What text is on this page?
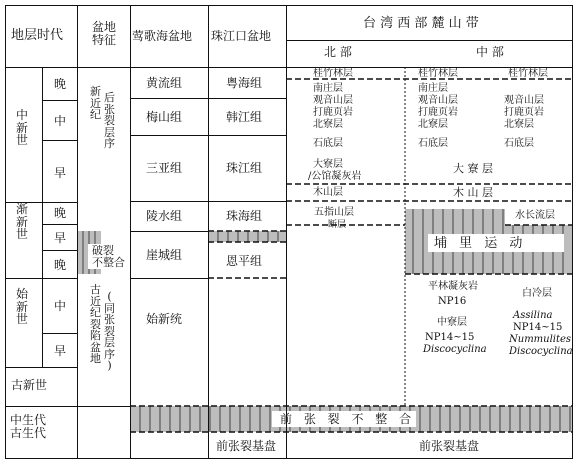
地层时代
盆地
特征 莺歌海盆地 珠江口盆地
台 湾 西 部 麓 山 带
北 部	中 部
中
新
世
渐
新
世
始
新
世
古新世
中生代
古生代
晚
中
早
晚
早
晚
中
早
新
近
纪
后
张
裂
层
序
古
近
纪
裂
陷
盆
地
(
同
张
裂
层
序
)
破裂
不整合
黄流组
梅山组
三亚组
陵水组
崖城组
始新统
粤海组
韩江组
珠江组
珠海组
恩平组
前张裂基盘
桂竹林层
南庄层
观音山层
打鹿页岩
北寮层
石底层
大寮层
/公馆凝灰岩
木山层
五指山层
断层
桂竹林层	桂竹林层
南庄层
观音山层
打鹿页岩
北寮层
石底层
观音山层
打鹿页岩
北寮层
石底层
大 寮 层
木 山 层
水长流层
埔 里 运 动
平林凝灰岩
NP16
中寮层
NP14~15
Discocyclina
白冷层
Assilina
NP14~15
Nummulites
Discocyclina
前张裂基盘
前 张 裂 不 整 合
